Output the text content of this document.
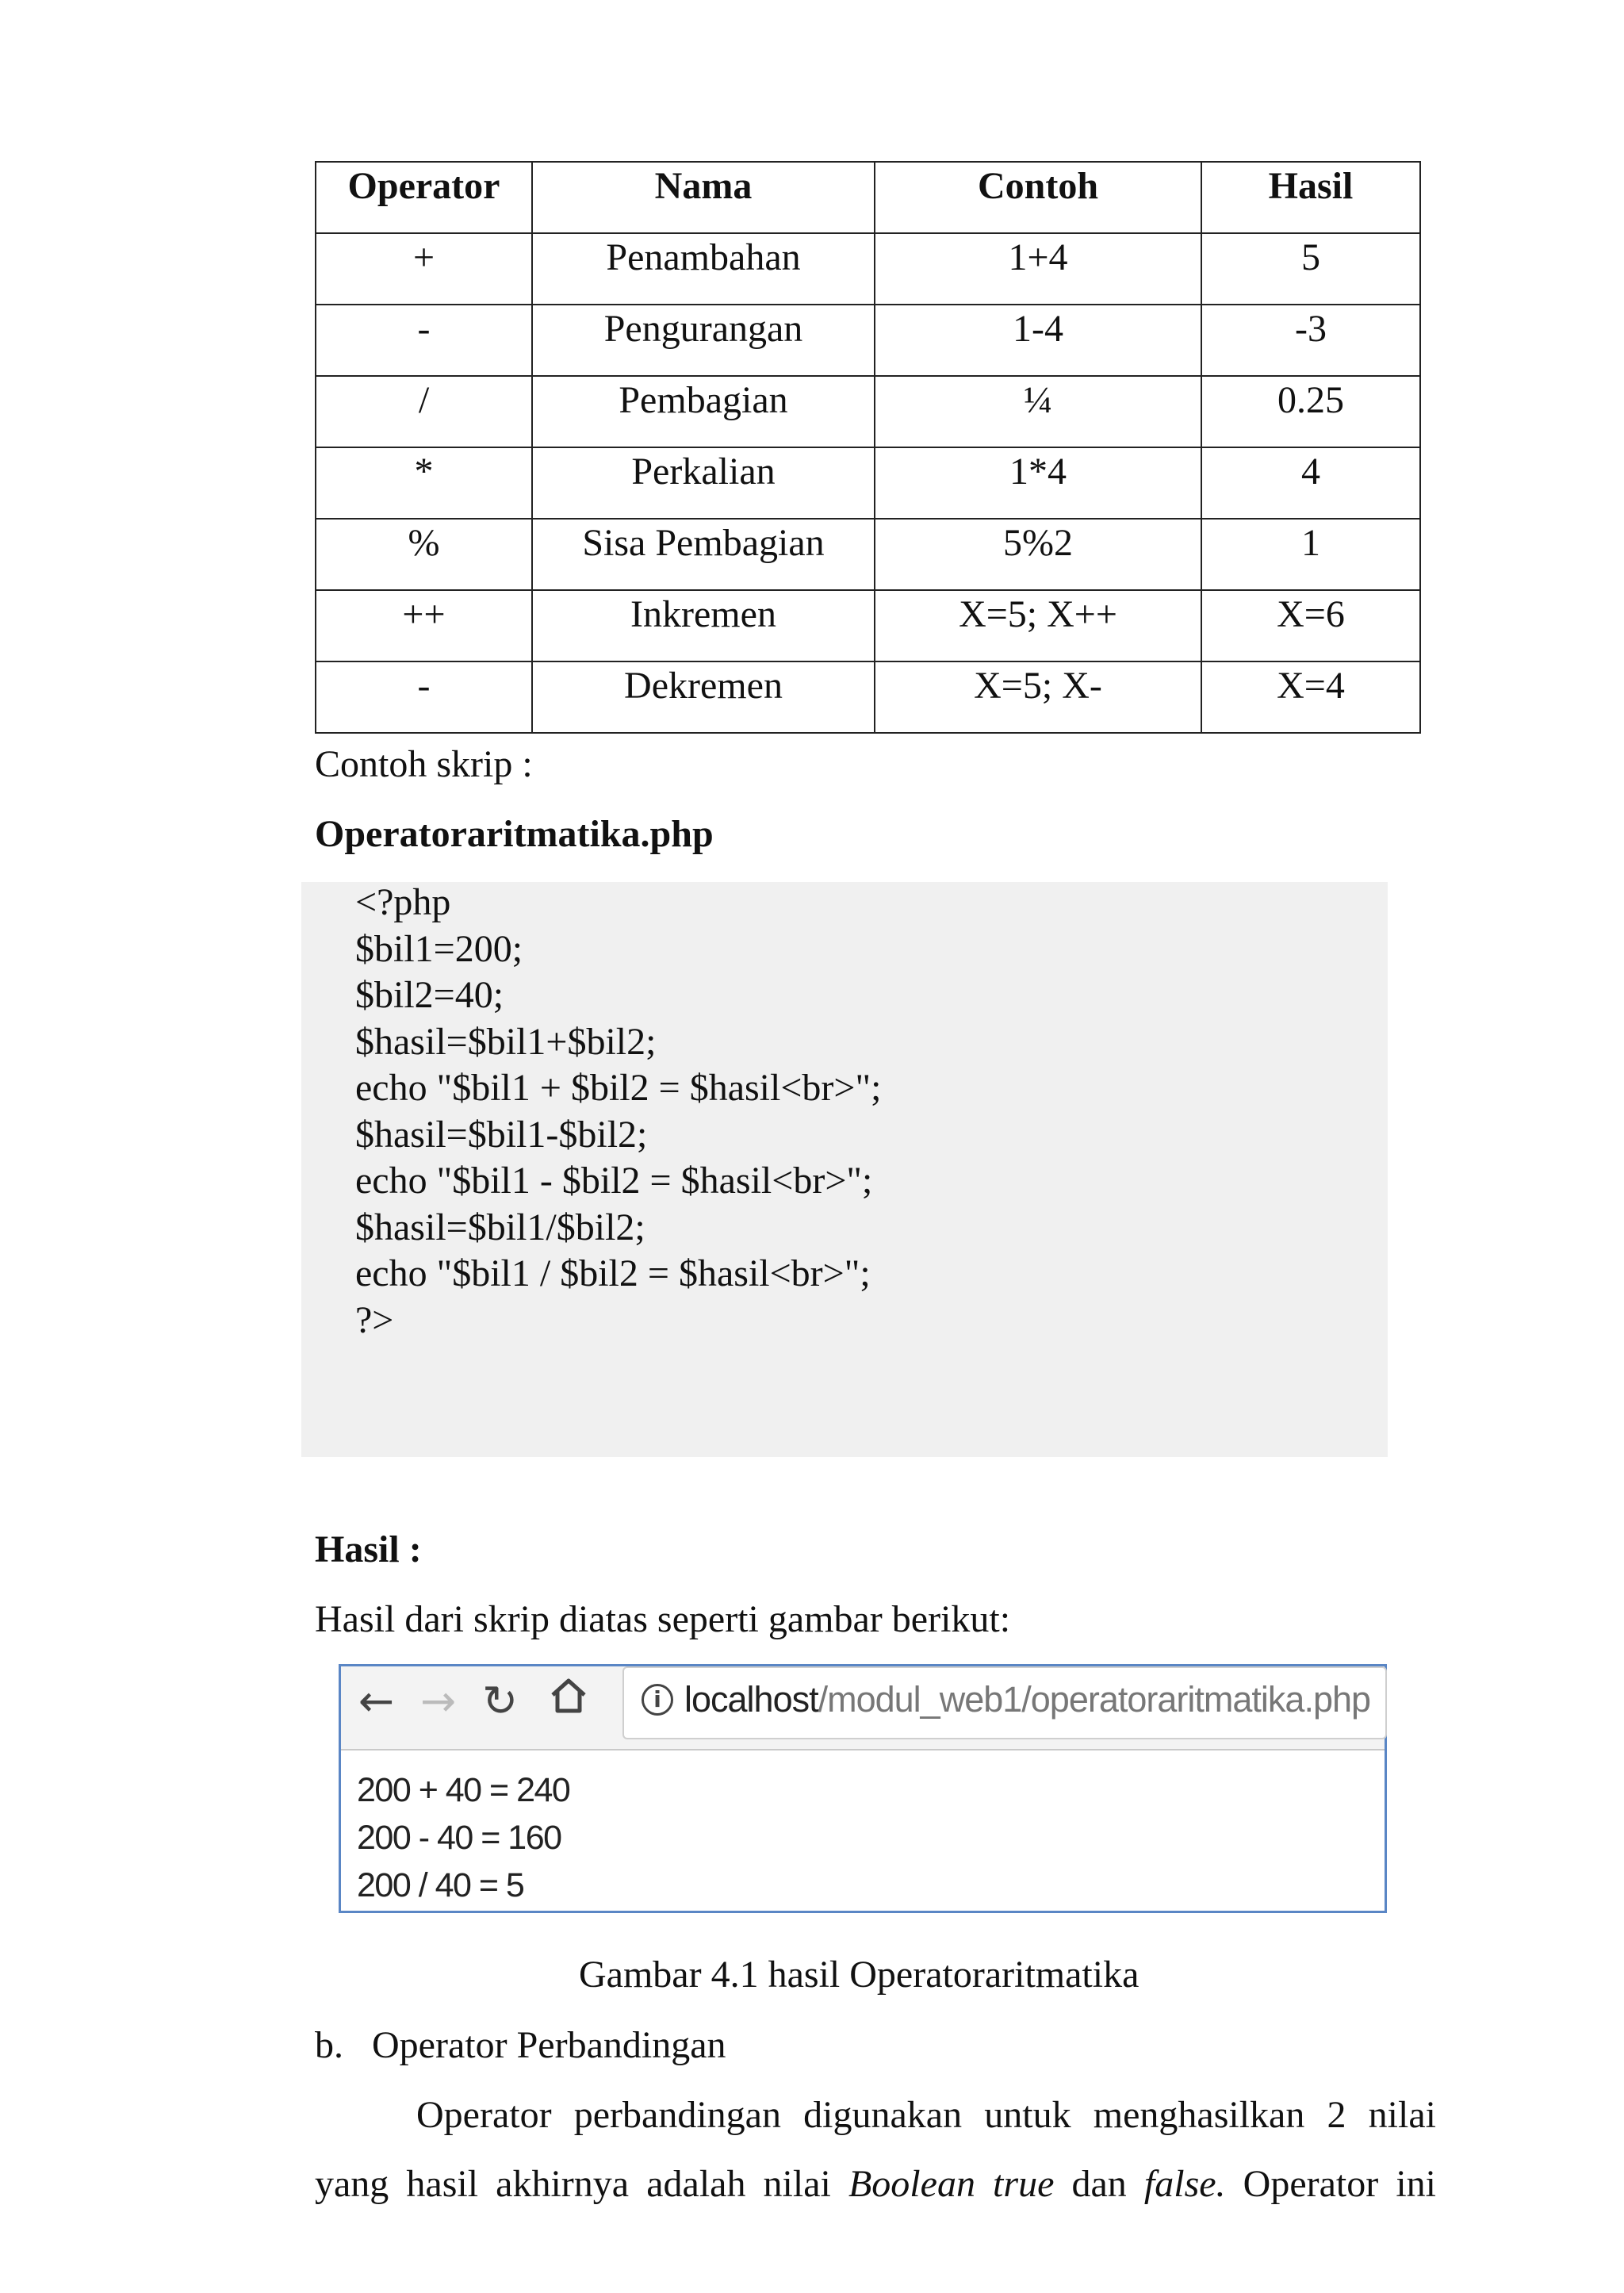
Operator	Nama	Contoh	Hasil
+	Penambahan	1+4	5
-	Pengurangan	1-4	-3
/	Pembagian	¼	0.25
*	Perkalian	1*4	4
%	Sisa Pembagian	5%2	1
++	Inkremen	X=5; X++	X=6
-	Dekremen	X=5; X-	X=4
Contoh skrip :
Operatoraritmatika.php
<?php
$bil1=200;
$bil2=40;
$hasil=$bil1+$bil2;
echo "$bil1 + $bil2 = $hasil<br>";
$hasil=$bil1-$bil2;
echo "$bil1 - $bil2 = $hasil<br>";
$hasil=$bil1/$bil2;
echo "$bil1 / $bil2 = $hasil<br>";
?>
Hasil :
Hasil dari skrip diatas seperti gambar berikut:
← → ↻	i localhost/modul_web1/operatoraritmatika.php
200 + 40 = 240
200 - 40 = 160
200 / 40 = 5
Gambar 4.1 hasil Operatoraritmatika
b.   Operator Perbandingan
Operator perbandingan digunakan untuk menghasilkan 2 nilai
yang hasil akhirnya adalah nilai Boolean true dan false. Operator ini
